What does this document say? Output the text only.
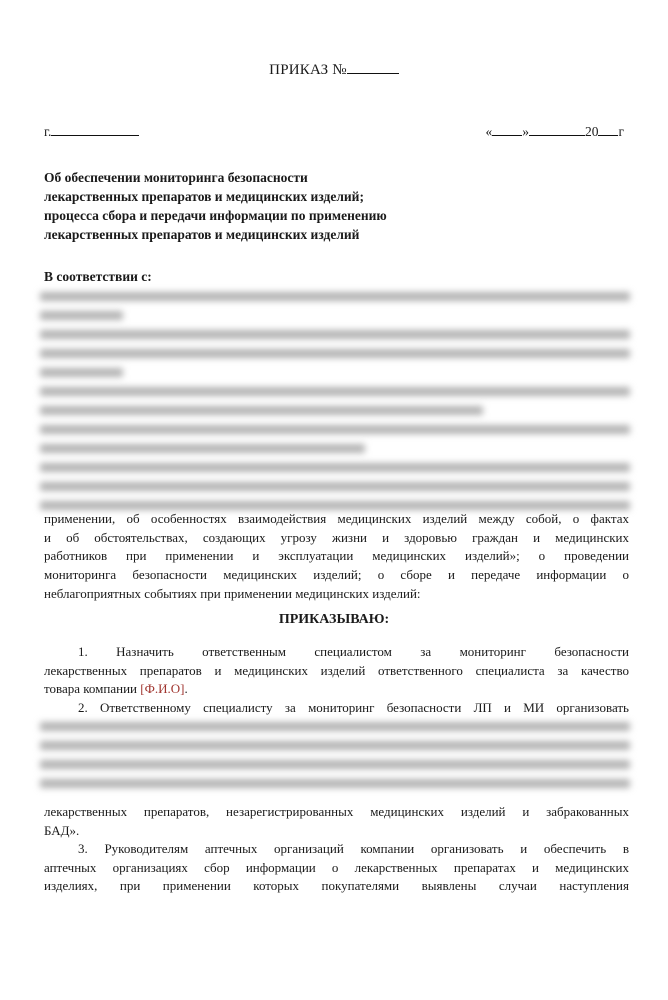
ПРИКАЗ №
г.	« »	20 г
Об обеспечении мониторинга безопасности
лекарственных препаратов и медицинских изделий;
процесса сбора и передачи информации по применению
лекарственных препаратов и медицинских изделий
В соответствии с:
применении, об особенностях взаимодействия медицинских изделий между собой, о фактах
и об обстоятельствах, создающих угрозу жизни и здоровью граждан и медицинских
работников при применении и эксплуатации медицинских изделий»; о проведении
мониторинга безопасности медицинских изделий; о сборе и передаче информации о
неблагоприятных событиях при применении медицинских изделий:
ПРИКАЗЫВАЮ:
1. Назначить ответственным специалистом за мониторинг безопасности
лекарственных препаратов и медицинских изделий ответственного специалиста за качество
товара компании [Ф.И.О].
2. Ответственному специалисту за мониторинг безопасности ЛП и МИ организовать
лекарственных препаратов, незарегистрированных медицинских изделий и забракованных
БАД».
3. Руководителям аптечных организаций компании организовать и обеспечить в
аптечных организациях сбор информации о лекарственных препаратах и медицинских
изделиях, при применении которых покупателями выявлены случаи наступления
